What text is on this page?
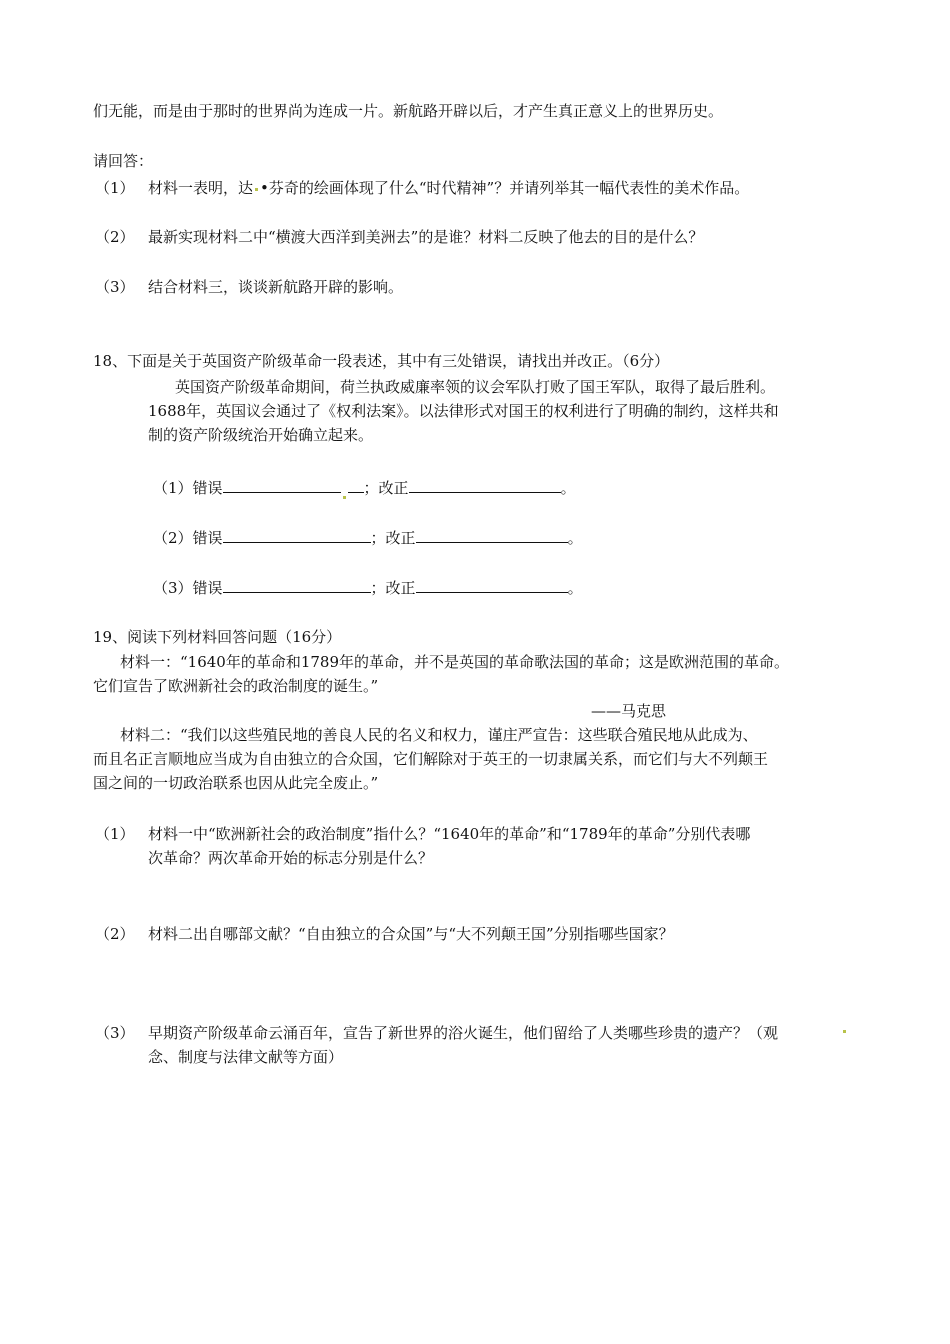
们无能，而是由于那时的世界尚为连成一片。新航路开辟以后，才产生真正意义上的世界历史。
请回答：
（1） 材料一表明，达 •芬奇的绘画体现了什么“时代精神”？并请列举其一幅代表性的美术作品。
（2） 最新实现材料二中“横渡大西洋到美洲去”的是谁？材料二反映了他去的目的是什么？
（3） 结合材料三，谈谈新航路开辟的影响。
18、下面是关于英国资产阶级革命一段表述，其中有三处错误，请找出并改正。（6分）
英国资产阶级革命期间，荷兰执政威廉率领的议会军队打败了国王军队，取得了最后胜利。
1688年，英国议会通过了《权利法案》。以法律形式对国王的权利进行了明确的制约，这样共和
制的资产阶级统治开始确立起来。
（1）错误	；改正	。
（2）错误	；改正	。
（3）错误	；改正	。
19、阅读下列材料回答问题（16分）
材料一：“1640年的革命和1789年的革命，并不是英国的革命歌法国的革命；这是欧洲范围的革命。
它们宣告了欧洲新社会的政治制度的诞生。”
——马克思
材料二：“我们以这些殖民地的善良人民的名义和权力，谨庄严宣告：这些联合殖民地从此成为、
而且名正言顺地应当成为自由独立的合众国，它们解除对于英王的一切隶属关系，而它们与大不列颠王
国之间的一切政治联系也因从此完全废止。”
（1） 材料一中“欧洲新社会的政治制度”指什么？“1640年的革命”和“1789年的革命”分别代表哪
次革命？两次革命开始的标志分别是什么？
（2） 材料二出自哪部文献？“自由独立的合众国”与“大不列颠王国”分别指哪些国家？
（3） 早期资产阶级革命云涌百年，宣告了新世界的浴火诞生，他们留给了人类哪些珍贵的遗产？（观
念、制度与法律文献等方面）
